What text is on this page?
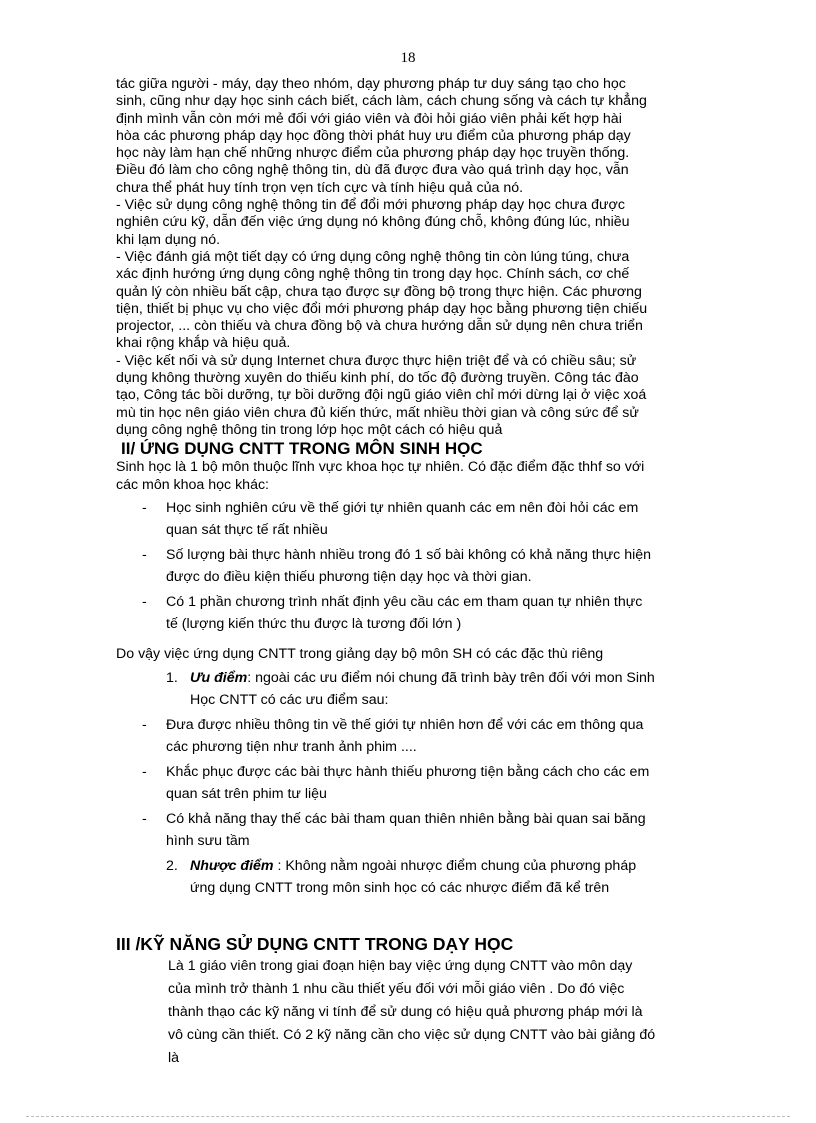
18

tác giữa người - máy, dạy theo nhóm, dạy phương pháp tư duy sáng tạo cho học

sinh, cũng như dạy học sinh cách biết, cách làm, cách chung sống và cách tự khẳng

định mình vẫn còn mới mẻ đối với giáo viên và đòi hỏi giáo viên phải kết hợp hài

hòa các phương pháp dạy học đồng thời phát huy ưu điểm của phương pháp dạy

học này làm hạn chế những nhược điểm của phương pháp dạy học truyền thống.

Điều đó làm cho công nghệ thông tin, dù đã được đưa vào quá trình dạy học, vẫn

chưa thể phát huy tính trọn vẹn tích cực và tính hiệu quả của nó.

- Việc sử dụng công nghệ thông tin để đổi mới phương pháp dạy học chưa được

nghiên cứu kỹ, dẫn đến việc ứng dụng nó không đúng chỗ, không đúng lúc, nhiều

khi lạm dụng nó.

- Việc đánh giá một tiết dạy có ứng dụng công nghệ thông tin còn lúng túng, chưa

xác định hướng ứng dụng công nghệ thông tin trong dạy học. Chính sách, cơ chế

quản lý còn nhiều bất cập, chưa tạo được sự đồng bộ trong thực hiện. Các phương

tiện, thiết bị phục vụ cho việc đổi mới phương pháp dạy học bằng phương tiện chiếu

projector, ... còn thiếu và chưa đồng bộ và chưa hướng dẫn sử dụng nên chưa triển

khai rộng khắp và hiệu quả.

- Việc kết nối và sử dụng Internet chưa được thực hiện triệt để và có chiều sâu; sử

dụng không thường xuyên do thiếu kinh phí, do tốc độ đường truyền. Công tác đào

tạo, Công tác bồi dưỡng, tự bồi dưỡng đội ngũ giáo viên chỉ mới dừng lại ở việc xoá

mù tin học nên giáo viên chưa đủ kiến thức, mất nhiều thời gian và công sức để sử

dụng công nghệ thông tin trong lớp học một cách có hiệu quả

II/ ỨNG DỤNG CNTT TRONG MÔN SINH HỌC

Sinh học là 1 bộ môn thuộc lĩnh vực khoa học tự nhiên. Có đặc điểm đặc thhf so với

các môn khoa học khác:

- Học sinh nghiên cứu về thế giới tự nhiên quanh các em nên đòi hỏi các em

quan sát thực tế rất nhiều

- Số lượng bài thực hành nhiều trong đó 1 số bài không có khả năng thực hiện

được do điều kiện thiếu phương tiện dạy học và thời gian.

- Có 1 phần chương trình nhất định yêu cầu các em tham quan tự nhiên thực

tế (lượng kiến thức thu được là tương đối lớn )

Do vậy việc ứng dụng CNTT trong giảng dạy bộ môn SH có các đặc thù riêng

1. Ưu điểm: ngoài các ưu điểm nói chung đã trình bày trên đối với mon Sinh

Học CNTT có các ưu điểm sau:

- Đưa được nhiều thông tin về thế giới tự nhiên hơn để với các em thông qua

các phương tiện như tranh ảnh phim ....

- Khắc phục được các bài thực hành thiếu phương tiện bằng cách cho các em

quan sát trên phim tư liệu

- Có khả năng thay thế các bài tham quan thiên nhiên bằng bài quan sai băng

hình sưu tầm

2. Nhược điểm : Không nằm ngoài nhược điểm chung của phương pháp

ứng dụng CNTT trong môn sinh học có các nhược điểm đã kể trên

III /KỸ NĂNG SỬ DỤNG CNTT TRONG DẠY HỌC

Là 1 giáo viên trong giai đoạn hiện bay việc ứng dụng CNTT vào môn dạy

của mình trở thành 1 nhu cầu thiết yếu đối với mỗi giáo viên . Do đó việc

thành thạo các kỹ năng vi tính để sử dung có hiệu quả phương pháp mới là

vô cùng cần thiết. Có 2 kỹ năng cần cho việc sử dụng CNTT vào bài giảng đó

là
